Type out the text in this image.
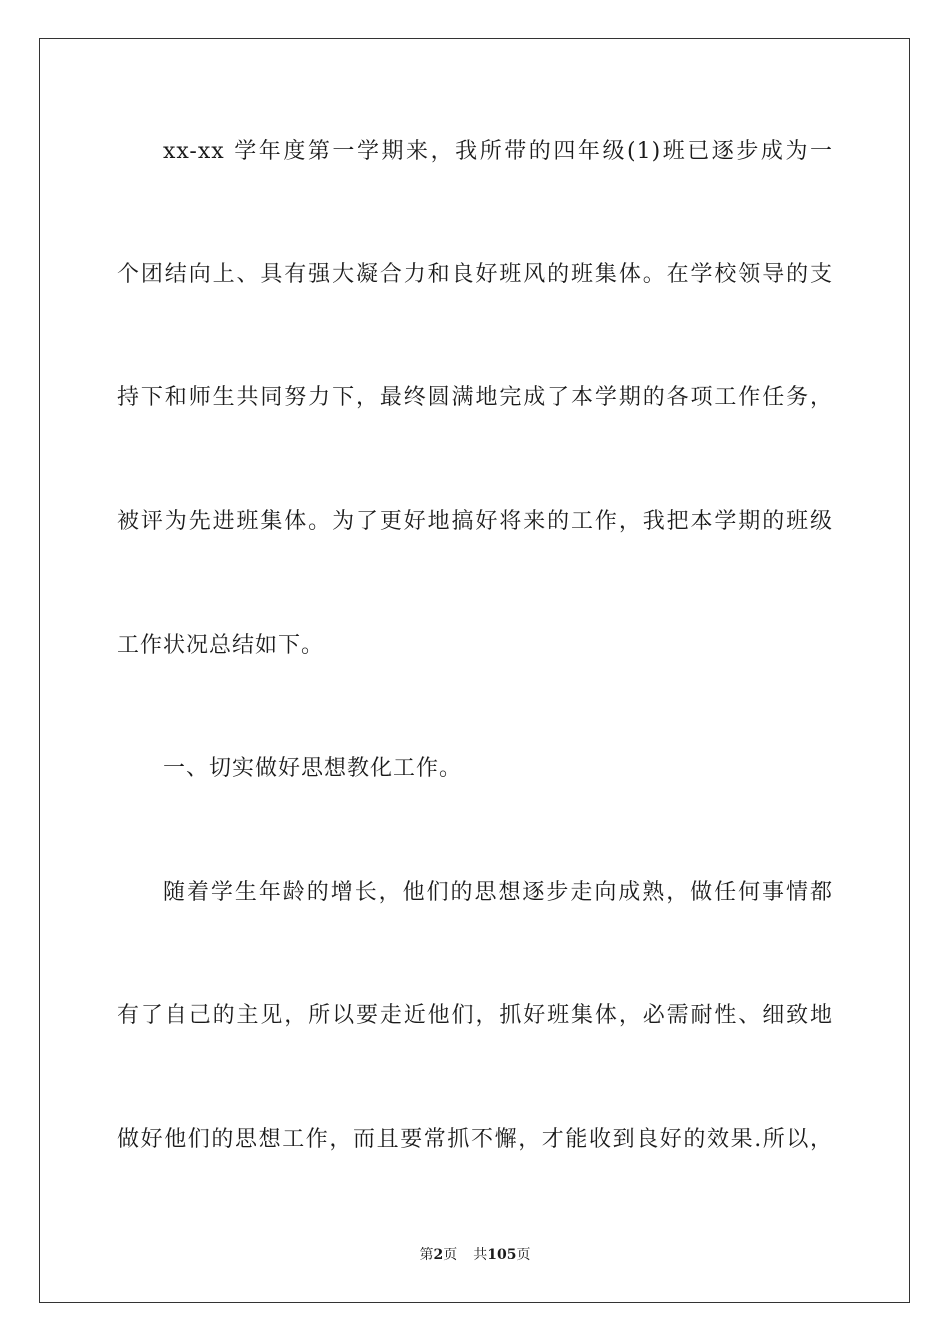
xx-xx 学年度第一学期来，我所带的四年级(1)班已逐步成为一
个团结向上、具有强大凝合力和良好班风的班集体。在学校领导的支
持下和师生共同努力下，最终圆满地完成了本学期的各项工作任务，
被评为先进班集体。为了更好地搞好将来的工作，我把本学期的班级
工作状况总结如下。
一、切实做好思想教化工作。
随着学生年龄的增长，他们的思想逐步走向成熟，做任何事情都
有了自己的主见，所以要走近他们，抓好班集体，必需耐性、细致地
做好他们的思想工作，而且要常抓不懈，才能收到良好的效果.所以，
第2页 共105页
